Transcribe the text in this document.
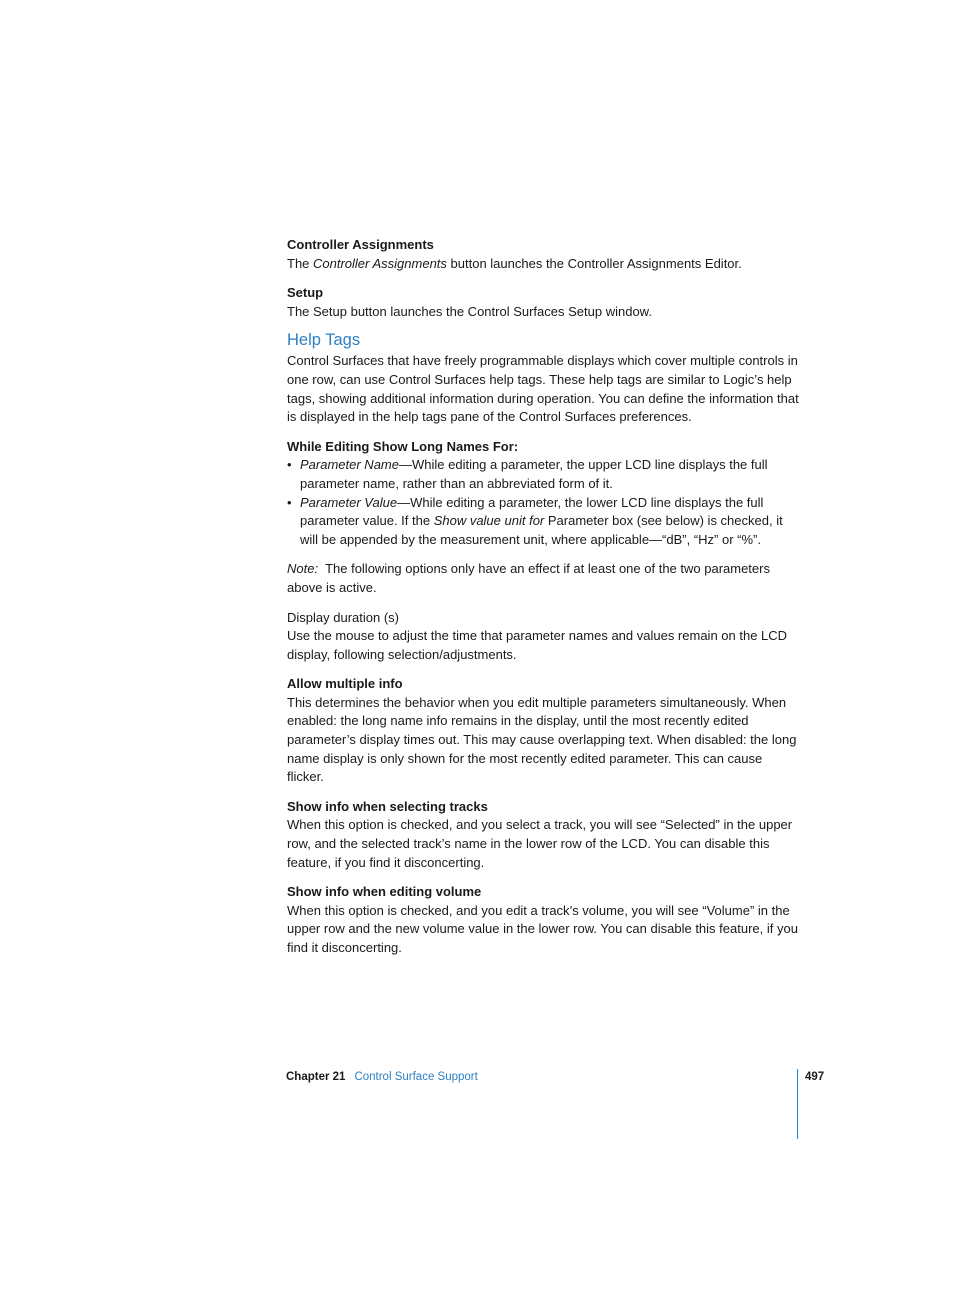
Controller Assignments

The Controller Assignments button launches the Controller Assignments Editor.

Setup

The Setup button launches the Control Surfaces Setup window.

Help Tags

Control Surfaces that have freely programmable displays which cover multiple controls in one row, can use Control Surfaces help tags. These help tags are similar to Logic’s help tags, showing additional information during operation. You can define the information that is displayed in the help tags pane of the Control Surfaces preferences.

While Editing Show Long Names For:

• Parameter Name—While editing a parameter, the upper LCD line displays the full parameter name, rather than an abbreviated form of it.
• Parameter Value—While editing a parameter, the lower LCD line displays the full parameter value. If the Show value unit for Parameter box (see below) is checked, it will be appended by the measurement unit, where applicable—“dB”, “Hz” or “%”.

Note:  The following options only have an effect if at least one of the two parameters above is active.

Display duration (s)

Use the mouse to adjust the time that parameter names and values remain on the LCD display, following selection/adjustments.

Allow multiple info

This determines the behavior when you edit multiple parameters simultaneously. When enabled: the long name info remains in the display, until the most recently edited parameter’s display times out. This may cause overlapping text. When disabled: the long name display is only shown for the most recently edited parameter. This can cause flicker.

Show info when selecting tracks

When this option is checked, and you select a track, you will see “Selected” in the upper row, and the selected track’s name in the lower row of the LCD. You can disable this feature, if you find it disconcerting.

Show info when editing volume

When this option is checked, and you edit a track’s volume, you will see “Volume” in the upper row and the new volume value in the lower row. You can disable this feature, if you find it disconcerting.

Chapter 21 Control Surface Support	497
